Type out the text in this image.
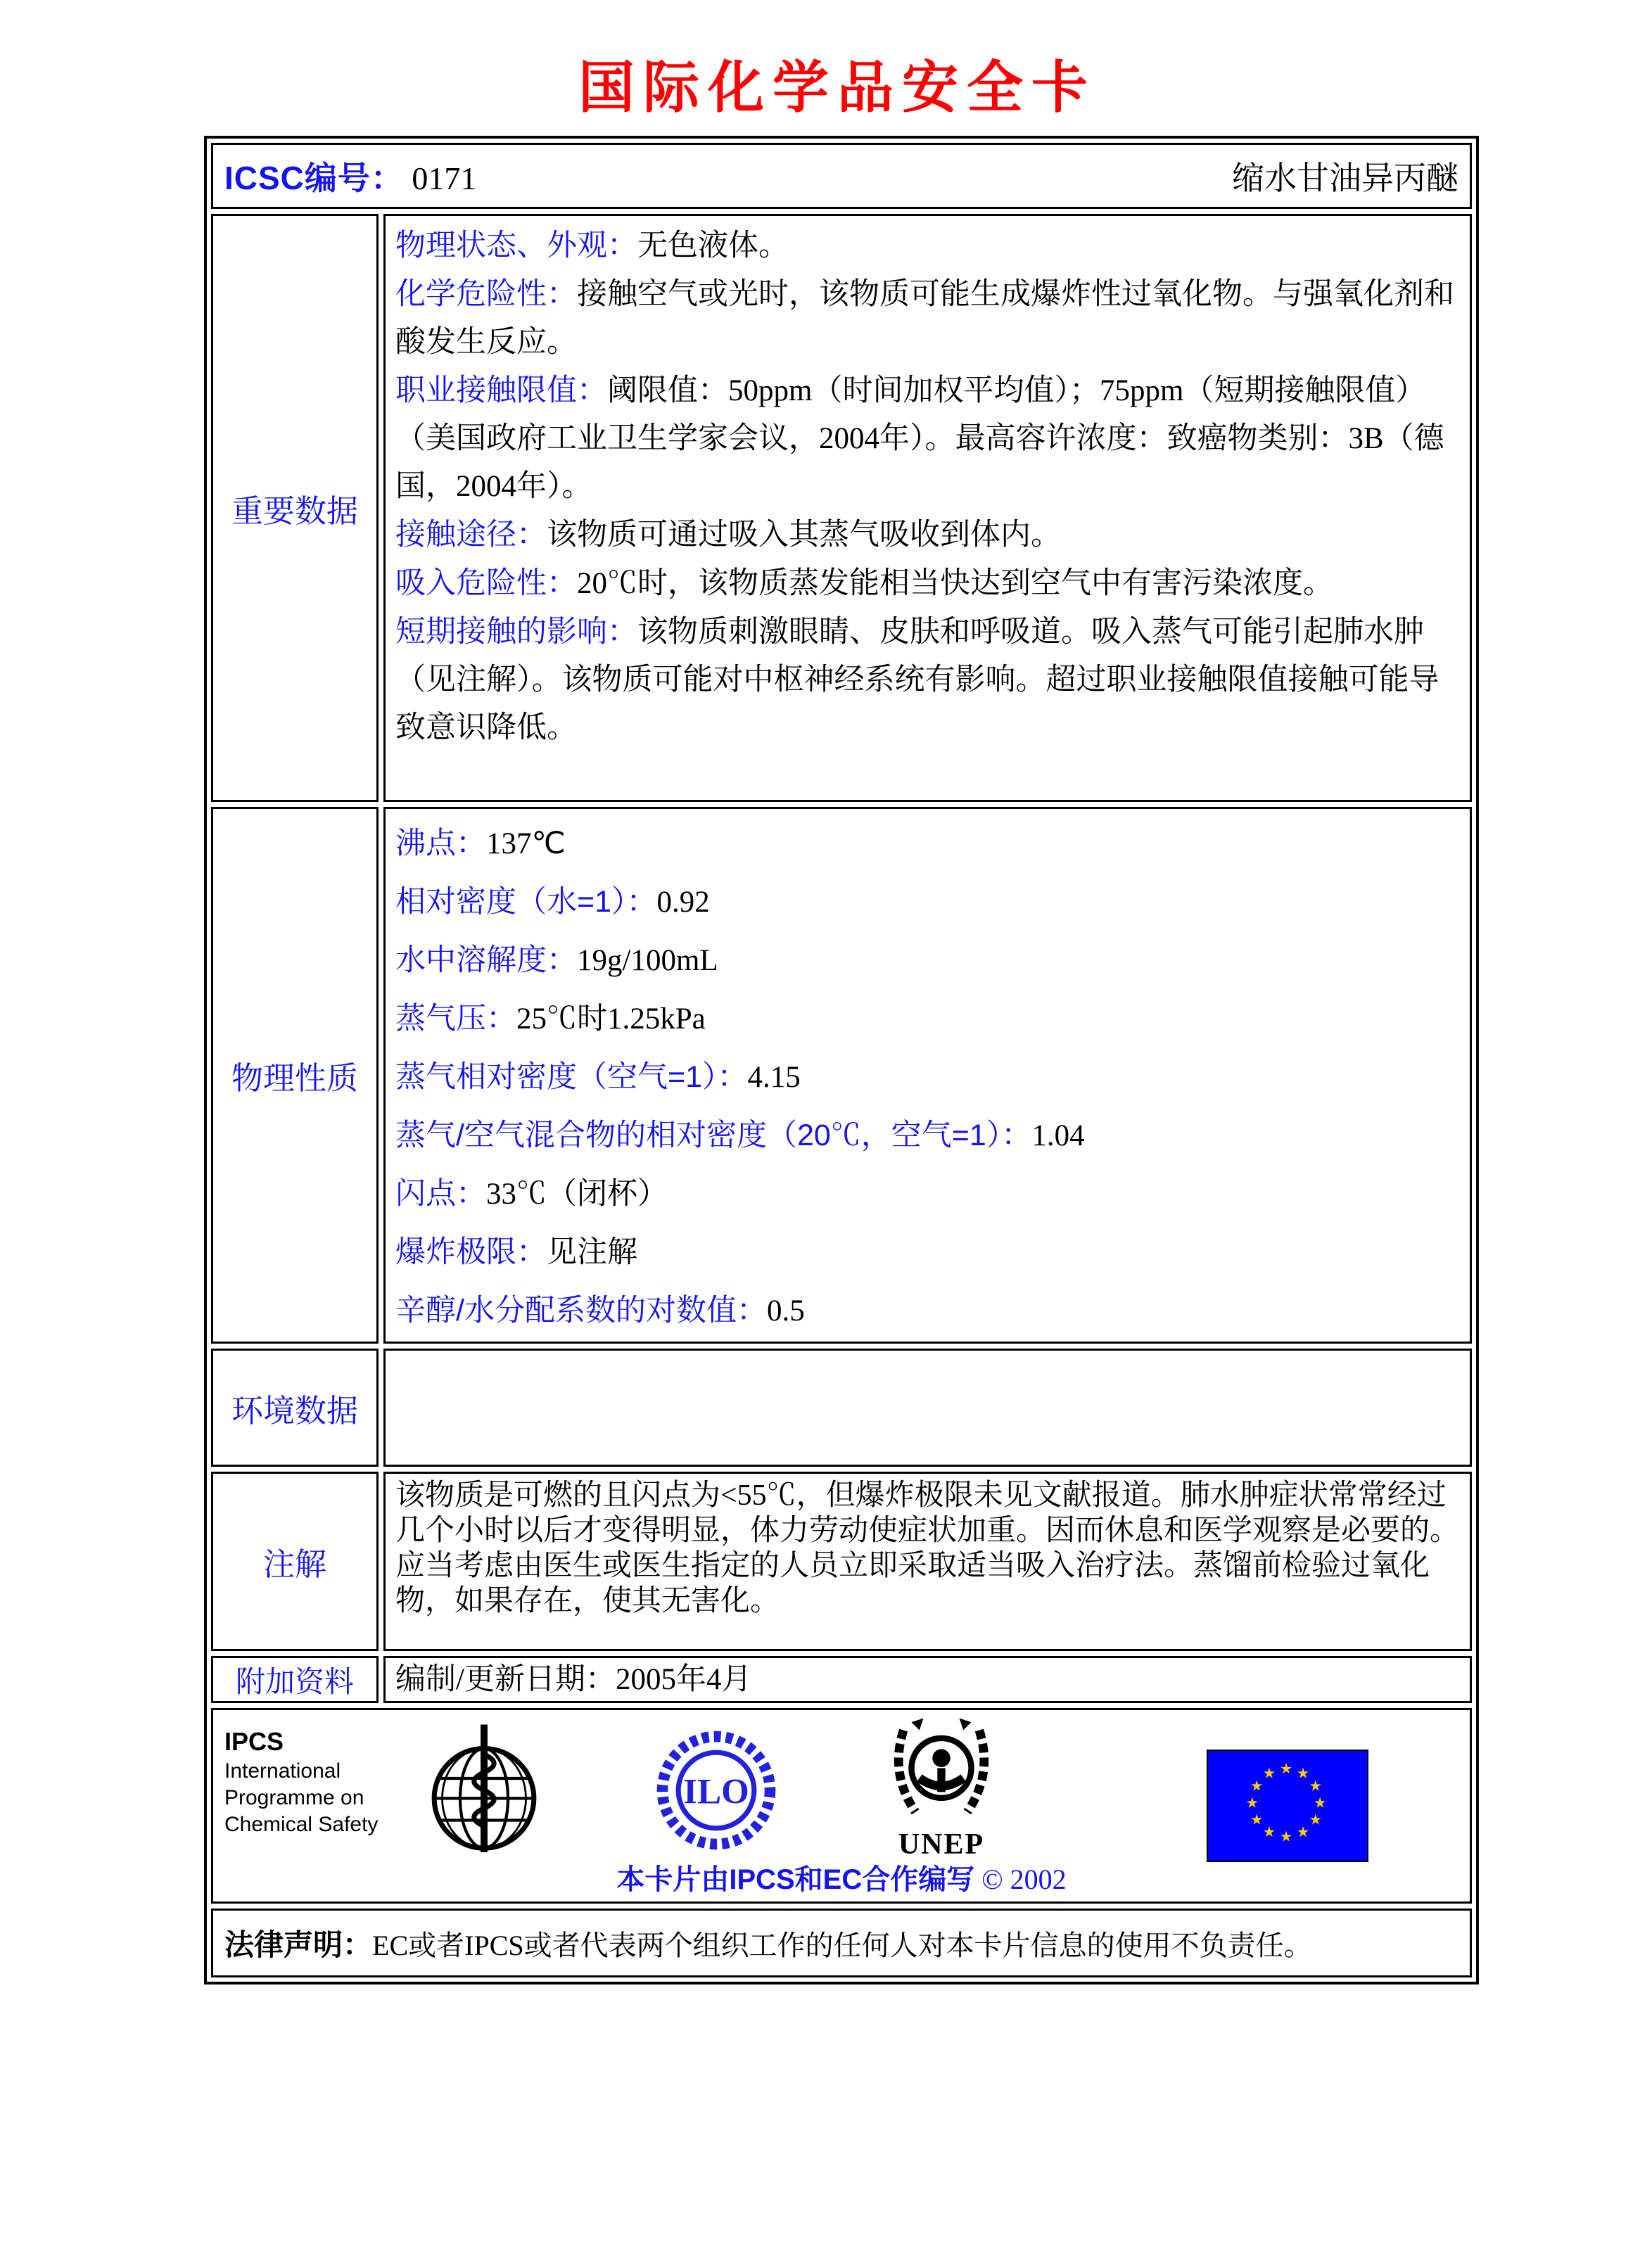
国际化学品安全卡
ICSC编号： 0171	缩水甘油异丙醚
重要数据

物理状态、外观：无色液体。

化学危险性：接触空气或光时，该物质可能生成爆炸性过氧化物。与强氧化剂和酸发生反应。

职业接触限值：阈限值：50ppm（时间加权平均值）；75ppm（短期接触限值）（美国政府工业卫生学家会议，2004年）。最高容许浓度：致癌物类别：3B（德国，2004年）。

接触途径：该物质可通过吸入其蒸气吸收到体内。

吸入危险性：20℃时，该物质蒸发能相当快达到空气中有害污染浓度。

短期接触的影响：该物质刺激眼睛、皮肤和呼吸道。吸入蒸气可能引起肺水肿（见注解）。该物质可能对中枢神经系统有影响。超过职业接触限值接触可能导致意识降低。

物理性质

沸点：137℃

相对密度（水=1）：0.92

水中溶解度：19g/100mL

蒸气压：25℃时1.25kPa

蒸气相对密度（空气=1）：4.15

蒸气/空气混合物的相对密度（20℃，空气=1）：1.04

闪点：33℃（闭杯）

爆炸极限：见注解

辛醇/水分配系数的对数值：0.5

环境数据
注解

该物质是可燃的且闪点为<55℃，但爆炸极限未见文献报道。肺水肿症状常常经过几个小时以后才变得明显，体力劳动使症状加重。因而休息和医学观察是必要的。应当考虑由医生或医生指定的人员立即采取适当吸入治疗法。蒸馏前检验过氧化物，如果存在，使其无害化。

附加资料	编制/更新日期：2005年4月

IPCS
International
Programme on
Chemical Safety
ILO
UNEP
★ ★
★
★
★
★
★
★
★
★
★
★
本卡片由IPCS和EC合作编写 © 2002
法律声明： EC或者IPCS或者代表两个组织工作的任何人对本卡片信息的使用不负责任。
